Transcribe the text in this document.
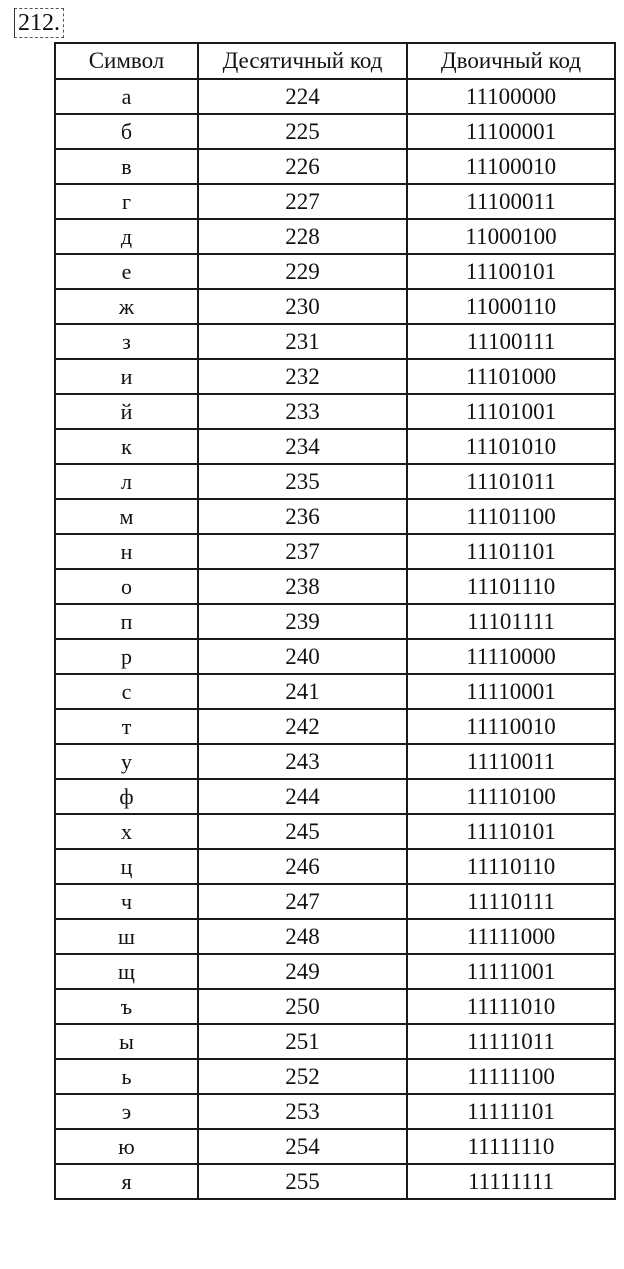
212.
Символ	Десятичный код	Двоичный код
а	224	11100000
б	225	11100001
в	226	11100010
г	227	11100011
д	228	11000100
е	229	11100101
ж	230	11000110
з	231	11100111
и	232	11101000
й	233	11101001
к	234	11101010
л	235	11101011
м	236	11101100
н	237	11101101
о	238	11101110
п	239	11101111
р	240	11110000
с	241	11110001
т	242	11110010
у	243	11110011
ф	244	11110100
х	245	11110101
ц	246	11110110
ч	247	11110111
ш	248	11111000
щ	249	11111001
ъ	250	11111010
ы	251	11111011
ь	252	11111100
э	253	11111101
ю	254	11111110
я	255	11111111
